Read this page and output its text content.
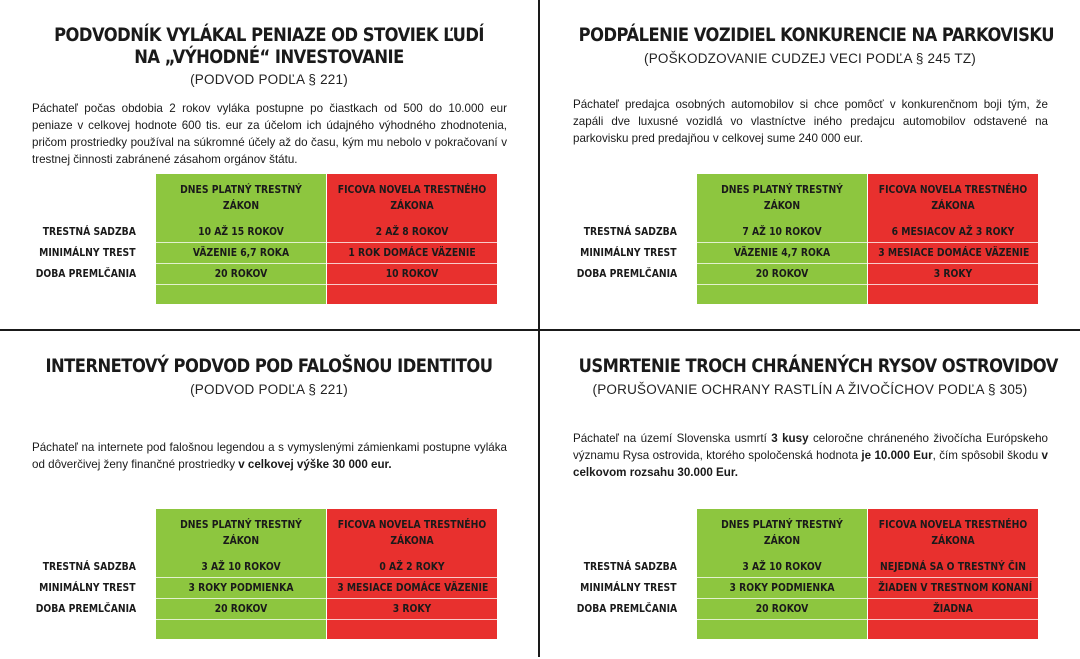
PODVODNÍK VYLÁKAL PENIAZE OD STOVIEK ĽUDÍ
NA „VÝHODNÉ“ INVESTOVANIE
(PODVOD PODĽA § 221)
Páchateľ počas obdobia 2 rokov vyláka postupne po čiastkach od 500 do 10.000 eur peniaze v celkovej hodnote 600 tis. eur za účelom ich údajného výhodného zhodnotenia, pričom prostriedky používal na súkromné účely až do času, kým mu nebolo v pokračovaní v trestnej činnosti zabránené zásahom orgánov štátu.
DNES PLATNÝ TRESTNÝ ZÁKON
FICOVA NOVELA TRESTNÉHO ZÁKONA
TRESTNÁ SADZBA	10 AŽ 15 ROKOV	2 AŽ 8 ROKOV
MINIMÁLNY TREST	VÄZENIE 6,7 ROKA	1 ROK DOMÁCE VÄZENIE
DOBA PREMLČANIA	20 ROKOV	10 ROKOV
PODPÁLENIE VOZIDIEL KONKURENCIE NA PARKOVISKU
(POŠKODZOVANIE CUDZEJ VECI PODĽA § 245 TZ)
Páchateľ predajca osobných automobilov si chce pomôcť v konkurenčnom boji tým, že zapáli dve luxusné vozidlá vo vlastníctve iného predajcu automobilov odstavené na parkovisku pred predajňou v celkovej sume 240 000 eur.
DNES PLATNÝ TRESTNÝ ZÁKON
FICOVA NOVELA TRESTNÉHO ZÁKONA
TRESTNÁ SADZBA	7 AŽ 10 ROKOV	6 MESIACOV AŽ 3 ROKY
MINIMÁLNY TREST	VÄZENIE 4,7 ROKA	3 MESIACE DOMÁCE VÄZENIE
DOBA PREMLČANIA	20 ROKOV	3 ROKY
INTERNETOVÝ PODVOD POD FALOŠNOU IDENTITOU
(PODVOD PODĽA § 221)
Páchateľ na internete pod falošnou legendou a s vymyslenými zámienkami postupne vyláka od dôverčivej ženy finančné prostriedky v celkovej výške 30 000 eur.
DNES PLATNÝ TRESTNÝ ZÁKON
FICOVA NOVELA TRESTNÉHO ZÁKONA
TRESTNÁ SADZBA	3 AŽ 10 ROKOV	0 AŽ 2 ROKY
MINIMÁLNY TREST	3 ROKY PODMIENKA	3 MESIACE DOMÁCE VÄZENIE
DOBA PREMLČANIA	20 ROKOV	3 ROKY
USMRTENIE TROCH CHRÁNENÝCH RYSOV OSTROVIDOV
(PORUŠOVANIE OCHRANY RASTLÍN A ŽIVOČÍCHOV PODĽA § 305)
Páchateľ na území Slovenska usmrtí 3 kusy celoročne chráneného živočícha Európskeho významu Rysa ostrovida, ktorého spoločenská hodnota je 10.000 Eur, čím spôsobil škodu v celkovom rozsahu 30.000 Eur.
DNES PLATNÝ TRESTNÝ ZÁKON
FICOVA NOVELA TRESTNÉHO ZÁKONA
TRESTNÁ SADZBA	3 AŽ 10 ROKOV	NEJEDNÁ SA O TRESTNÝ ČIN
MINIMÁLNY TREST	3 ROKY PODMIENKA	ŽIADEN V TRESTNOM KONANÍ
DOBA PREMLČANIA	20 ROKOV	ŽIADNA
